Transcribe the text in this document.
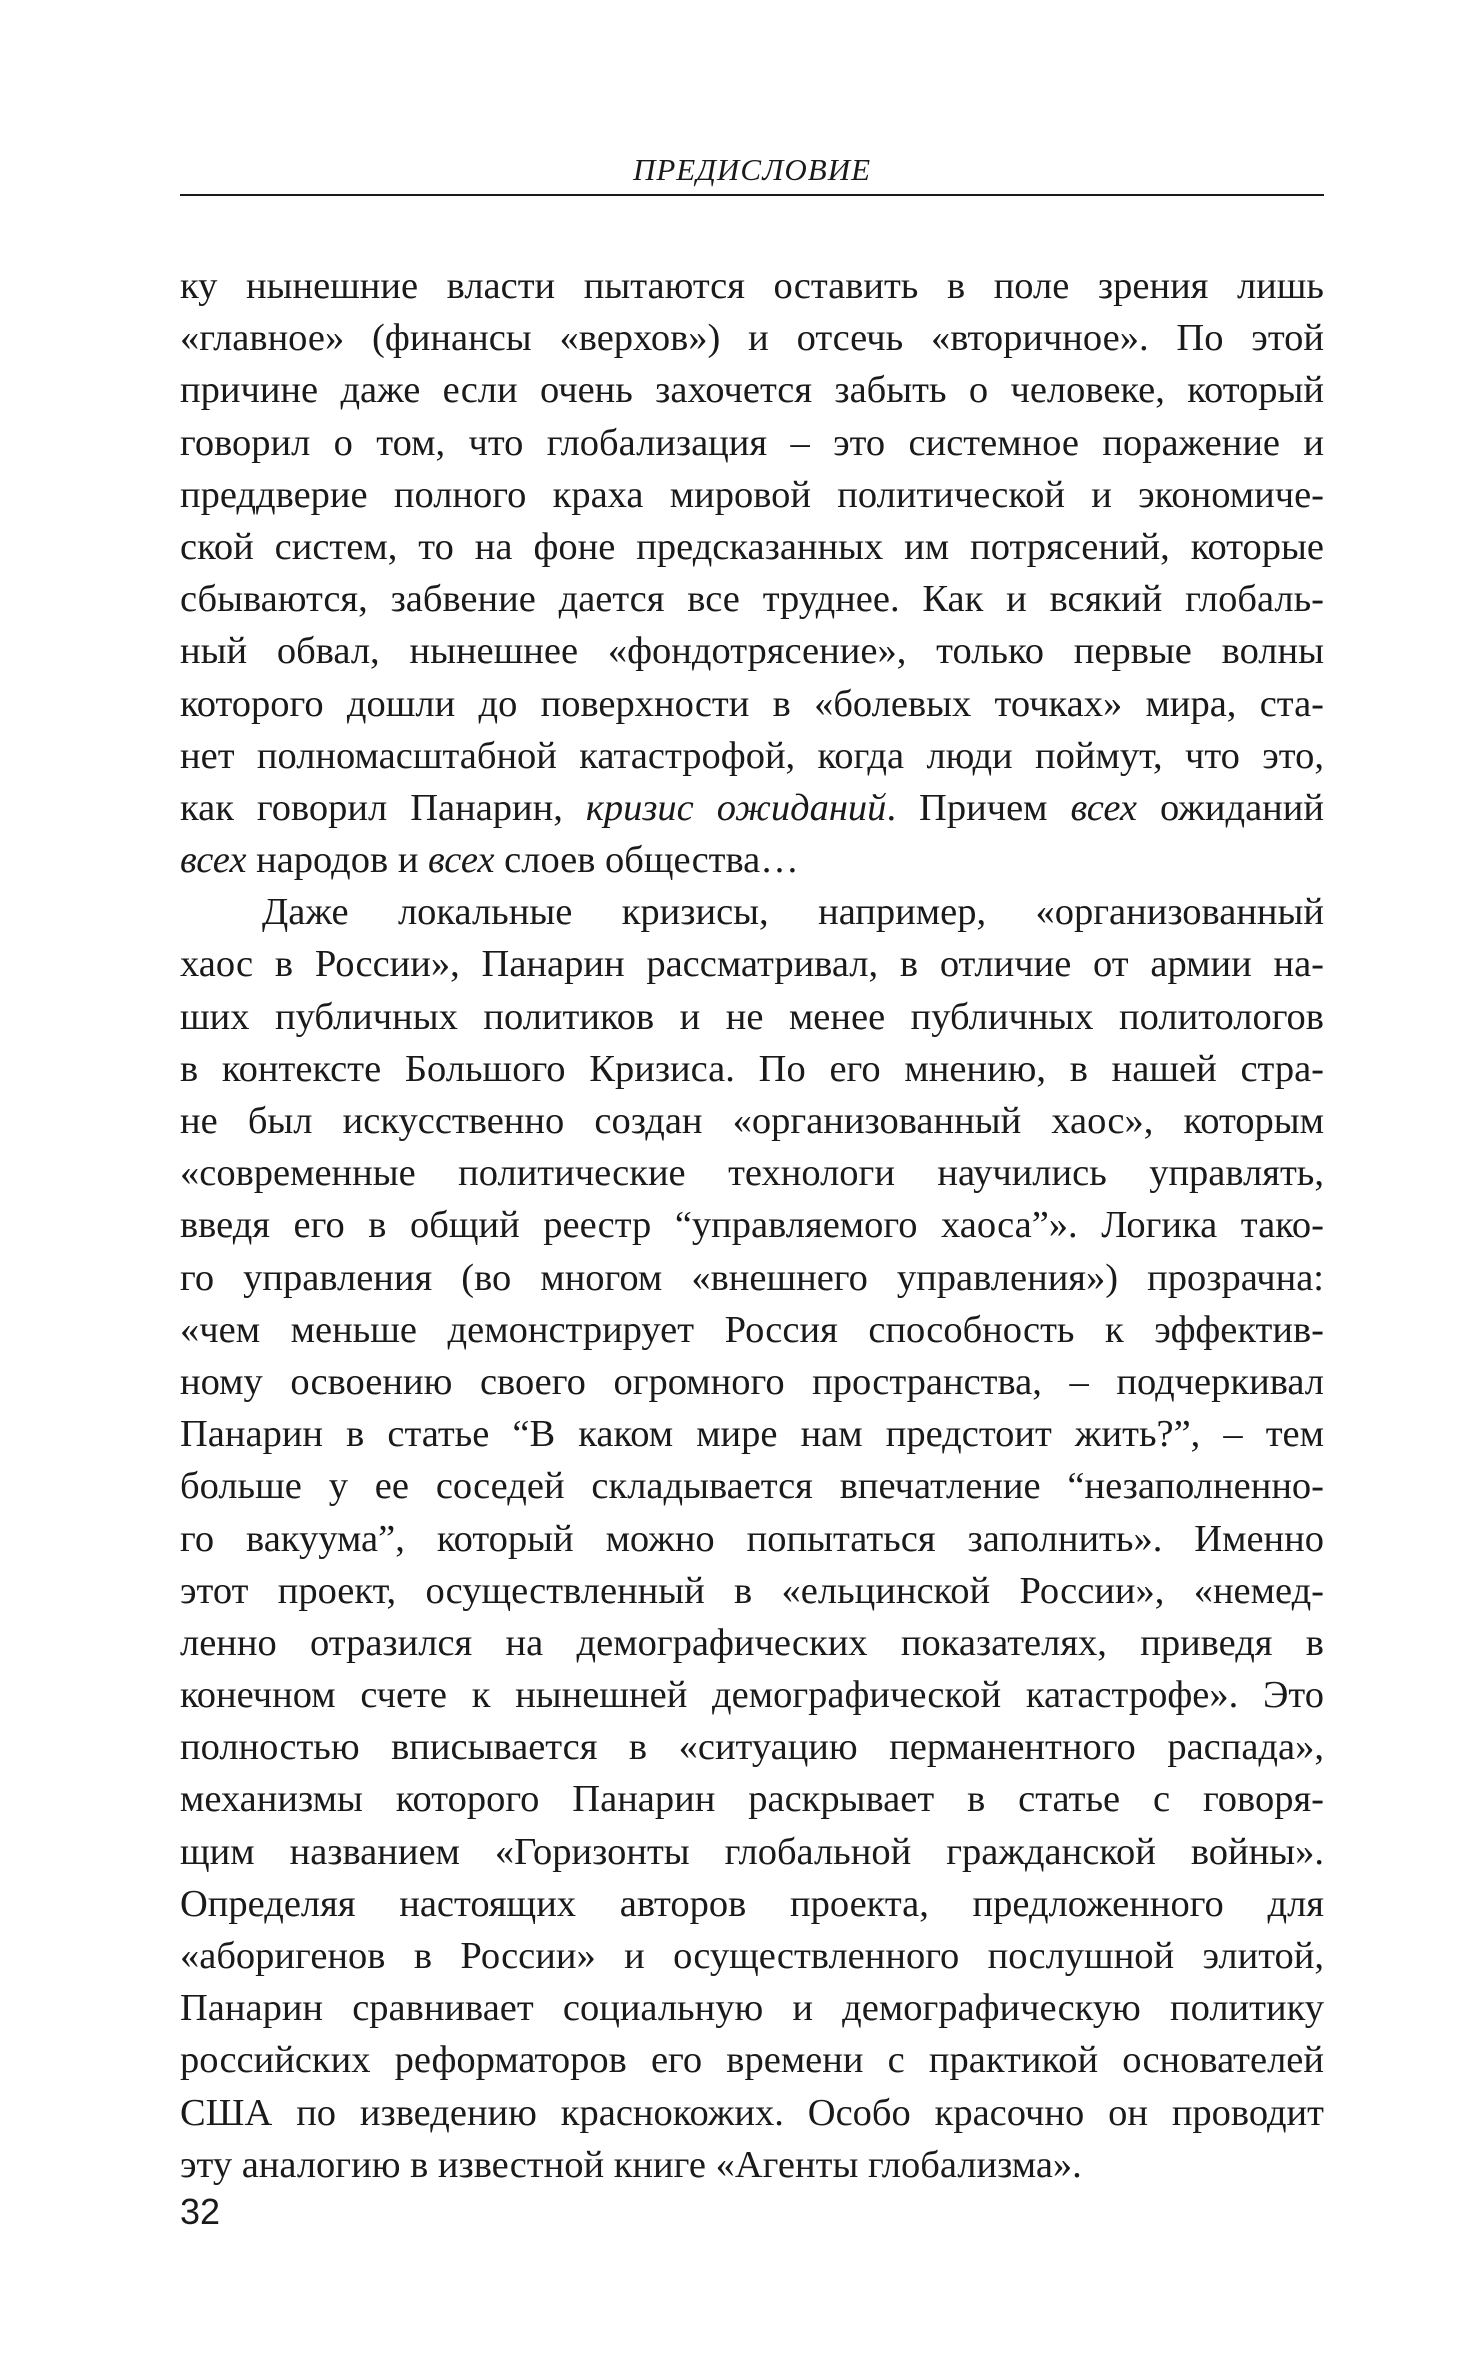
ПРЕДИСЛОВИЕ
ку нынешние власти пытаются оставить в поле зрения лишь
«главное» (финансы «верхов») и отсечь «вторичное». По этой
причине даже если очень захочется забыть о человеке, который
говорил о том, что глобализация – это системное поражение и
преддверие полного краха мировой политической и экономиче-
ской систем, то на фоне предсказанных им потрясений, которые
сбываются, забвение дается все труднее. Как и всякий глобаль-
ный обвал, нынешнее «фондотрясение», только первые волны
которого дошли до поверхности в «болевых точках» мира, ста-
нет полномасштабной катастрофой, когда люди поймут, что это,
как говорил Панарин, кризис ожиданий. Причем всех ожиданий
всех народов и всех слоев общества…
Даже локальные кризисы, например, «организованный
хаос в России», Панарин рассматривал, в отличие от армии на-
ших публичных политиков и не менее публичных политологов
в контексте Большого Кризиса. По его мнению, в нашей стра-
не был искусственно создан «организованный хаос», которым
«современные политические технологи научились управлять,
введя его в общий реестр “управляемого хаоса”». Логика тако-
го управления (во многом «внешнего управления») прозрачна:
«чем меньше демонстрирует Россия способность к эффектив-
ному освоению своего огромного пространства, – подчеркивал
Панарин в статье “В каком мире нам предстоит жить?”, – тем
больше у ее соседей складывается впечатление “незаполненно-
го вакуума”, который можно попытаться заполнить». Именно
этот проект, осуществленный в «ельцинской России», «немед-
ленно отразился на демографических показателях, приведя в
конечном счете к нынешней демографической катастрофе». Это
полностью вписывается в «ситуацию перманентного распада»,
механизмы которого Панарин раскрывает в статье с говоря-
щим названием «Горизонты глобальной гражданской войны».
Определяя настоящих авторов проекта, предложенного для
«аборигенов в России» и осуществленного послушной элитой,
Панарин сравнивает социальную и демографическую политику
российских реформаторов его времени с практикой основателей
США по изведению краснокожих. Особо красочно он проводит
эту аналогию в известной книге «Агенты глобализма».
32
